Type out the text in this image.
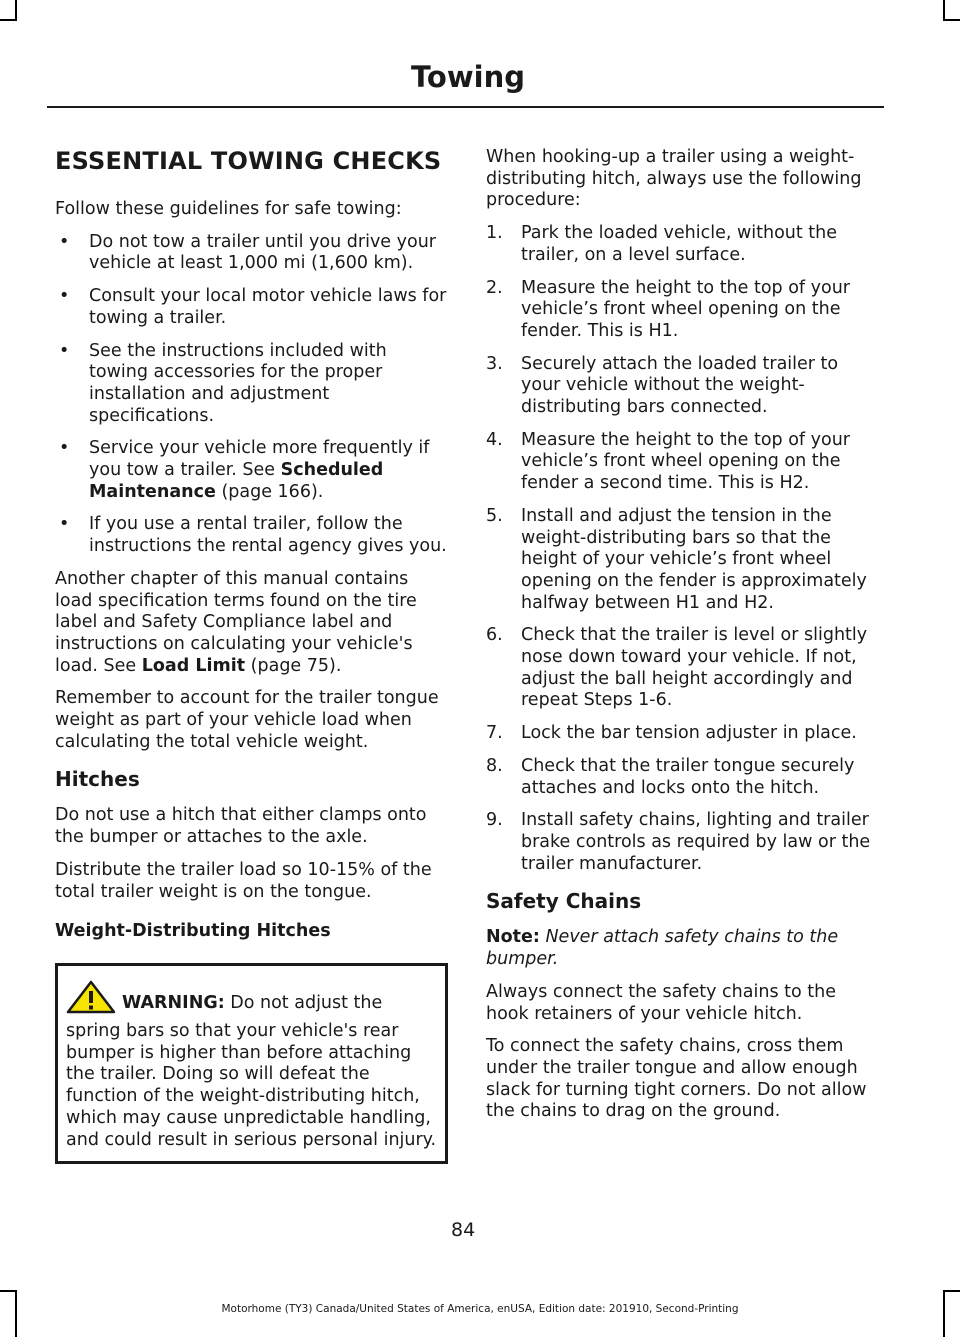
Towing
ESSENTIAL TOWING CHECKS

Follow these guidelines for safe towing:

• Do not tow a trailer until you drive your vehicle at least 1,000 mi (1,600 km).
• Consult your local motor vehicle laws for towing a trailer.
• See the instructions included with towing accessories for the proper installation and adjustment specifications.
• Service your vehicle more frequently if you tow a trailer. See Scheduled Maintenance (page 166).
• If you use a rental trailer, follow the instructions the rental agency gives you.

Another chapter of this manual contains load specification terms found on the tire label and Safety Compliance label and instructions on calculating your vehicle's load. See Load Limit (page 75).

Remember to account for the trailer tongue weight as part of your vehicle load when calculating the total vehicle weight.

Hitches

Do not use a hitch that either clamps onto the bumper or attaches to the axle.

Distribute the trailer load so 10-15% of the total trailer weight is on the tongue.

Weight-Distributing Hitches
WARNING: Do not adjust the spring bars so that your vehicle's rear bumper is higher than before attaching the trailer. Doing so will defeat the function of the weight-distributing hitch, which may cause unpredictable handling, and could result in serious personal injury.

When hooking-up a trailer using a weight-distributing hitch, always use the following procedure:

1. Park the loaded vehicle, without the trailer, on a level surface.
2. Measure the height to the top of your vehicle’s front wheel opening on the fender. This is H1.
3. Securely attach the loaded trailer to your vehicle without the weight-distributing bars connected.
4. Measure the height to the top of your vehicle’s front wheel opening on the fender a second time. This is H2.
5. Install and adjust the tension in the weight-distributing bars so that the height of your vehicle’s front wheel opening on the fender is approximately halfway between H1 and H2.
6. Check that the trailer is level or slightly nose down toward your vehicle. If not, adjust the ball height accordingly and repeat Steps 1-6.
7. Lock the bar tension adjuster in place.
8. Check that the trailer tongue securely attaches and locks onto the hitch.
9. Install safety chains, lighting and trailer brake controls as required by law or the trailer manufacturer.
Safety Chains

Note: Never attach safety chains to the bumper.

Always connect the safety chains to the hook retainers of your vehicle hitch.

To connect the safety chains, cross them under the trailer tongue and allow enough slack for turning tight corners. Do not allow the chains to drag on the ground.

84
Motorhome (TY3) Canada/United States of America, enUSA, Edition date: 201910, Second-Printing
